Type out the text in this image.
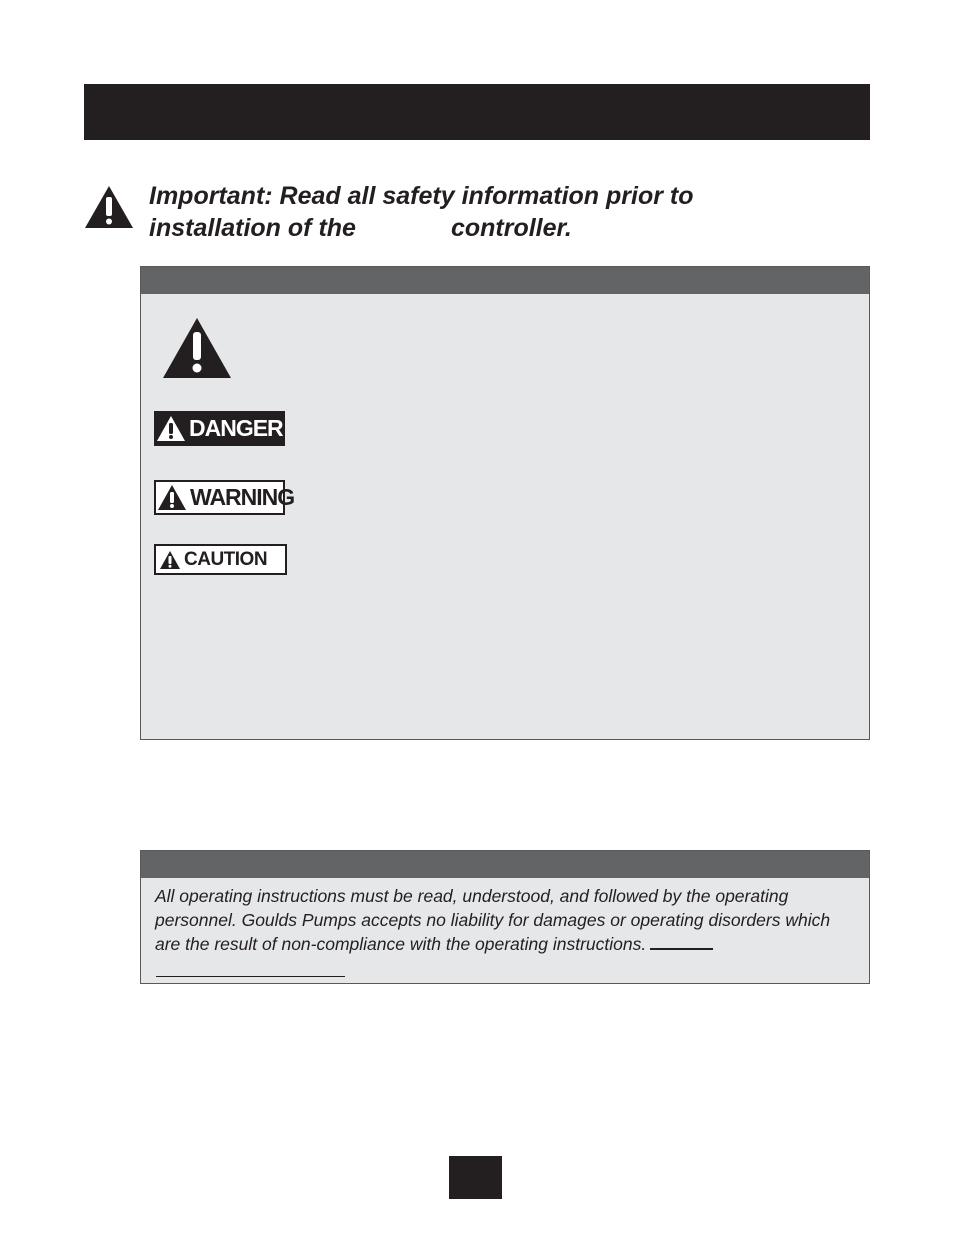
Important: Read all safety information prior to
installation of the	controller.
DANGER
WARNING
CAUTION
All operating instructions must be read, understood, and followed by the operating personnel. Goulds Pumps accepts no liability for damages or operating disorders which are the result of non-compliance with the operating instructions.
